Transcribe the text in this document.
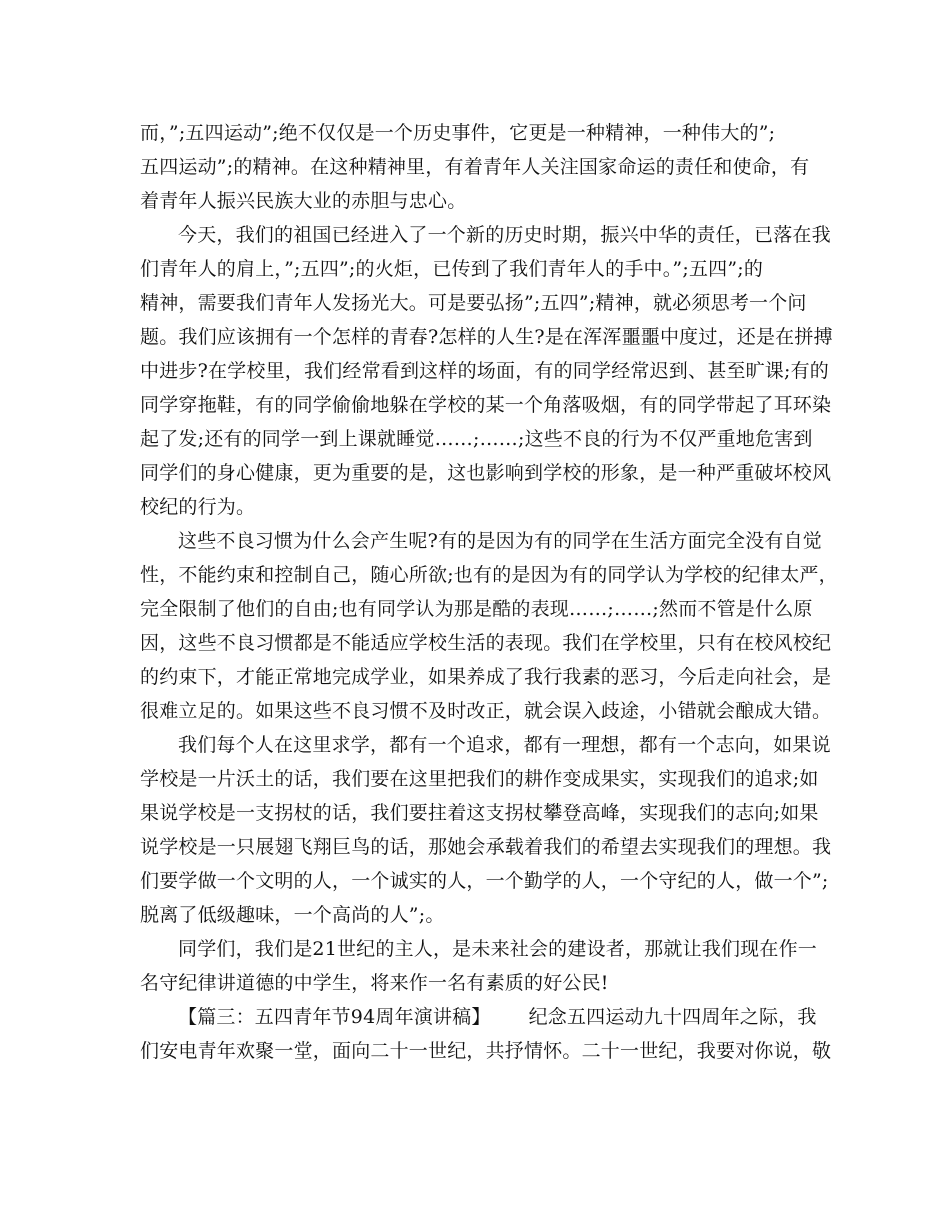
而，”;五四运动”;绝不仅仅是一个历史事件，它更是一种精神，一种伟大的”;
五四运动”;的精神。在这种精神里，有着青年人关注国家命运的责任和使命，有
着青年人振兴民族大业的赤胆与忠心。
今天，我们的祖国已经进入了一个新的历史时期，振兴中华的责任，已落在我
们青年人的肩上，”;五四”;的火炬，已传到了我们青年人的手中。”;五四”;的
精神，需要我们青年人发扬光大。可是要弘扬”;五四”;精神，就必须思考一个问
题。我们应该拥有一个怎样的青春?怎样的人生?是在浑浑噩噩中度过，还是在拼搏
中进步?在学校里，我们经常看到这样的场面，有的同学经常迟到、甚至旷课;有的
同学穿拖鞋，有的同学偷偷地躲在学校的某一个角落吸烟，有的同学带起了耳环染
起了发;还有的同学一到上课就睡觉……;……;这些不良的行为不仅严重地危害到
同学们的身心健康，更为重要的是，这也影响到学校的形象，是一种严重破坏校风
校纪的行为。
这些不良习惯为什么会产生呢?有的是因为有的同学在生活方面完全没有自觉
性，不能约束和控制自己，随心所欲;也有的是因为有的同学认为学校的纪律太严，
完全限制了他们的自由;也有同学认为那是酷的表现……;……;然而不管是什么原
因，这些不良习惯都是不能适应学校生活的表现。我们在学校里，只有在校风校纪
的约束下，才能正常地完成学业，如果养成了我行我素的恶习，今后走向社会，是
很难立足的。如果这些不良习惯不及时改正，就会误入歧途，小错就会酿成大错。
我们每个人在这里求学，都有一个追求，都有一理想，都有一个志向，如果说
学校是一片沃土的话，我们要在这里把我们的耕作变成果实，实现我们的追求;如
果说学校是一支拐杖的话，我们要拄着这支拐杖攀登高峰，实现我们的志向;如果
说学校是一只展翅飞翔巨鸟的话，那她会承载着我们的希望去实现我们的理想。我
们要学做一个文明的人，一个诚实的人，一个勤学的人，一个守纪的人，做一个”;
脱离了低级趣味，一个高尚的人”;。
同学们，我们是21世纪的主人，是未来社会的建设者，那就让我们现在作一
名守纪律讲道德的中学生，将来作一名有素质的好公民!
【篇三：五四青年节94周年演讲稿】 纪念五四运动九十四周年之际，我
们安电青年欢聚一堂，面向二十一世纪，共抒情怀。二十一世纪，我要对你说，敬
